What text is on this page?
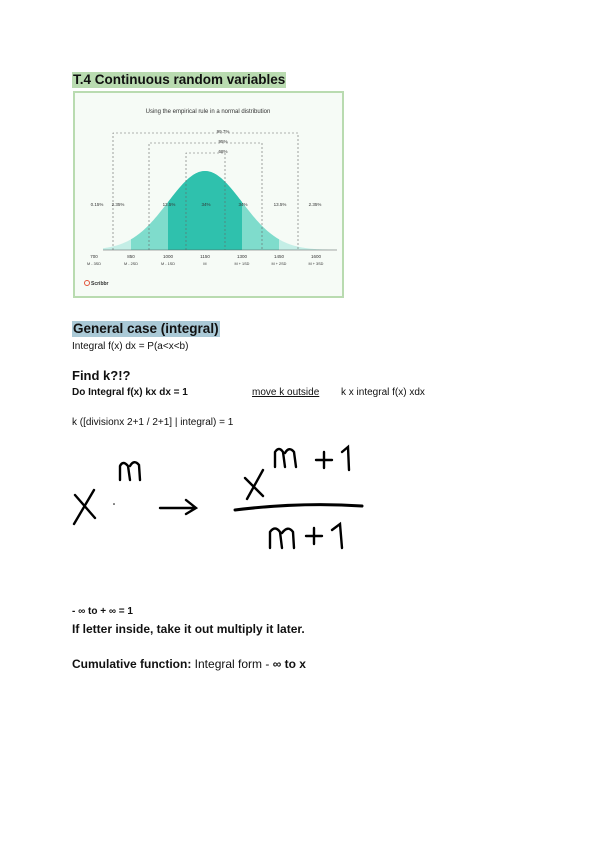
T.4 Continuous random variables
Using the empirical rule in a normal distribution
99.7%
95%
68%
0.15% 2.35%	13.5%	34%	34%	13.5%	2.35%
700
M - 3SD
850
M - 2SD
1000
M - 1SD
1150
M
1300
M + 1SD
1450
M + 2SD
1600
M + 3SD
Scribbr
General case (integral)
Integral f(x) dx = P(a<x<b)
Find k?!?
Do Integral f(x) kx dx = 1	move k outside k x integral f(x) xdx
k ([divisionx 2+1 / 2+1] | integral) = 1
- ∞ to + ∞ = 1
If letter inside, take it out multiply it later.
Cumulative function: Integral form - ∞ to x
